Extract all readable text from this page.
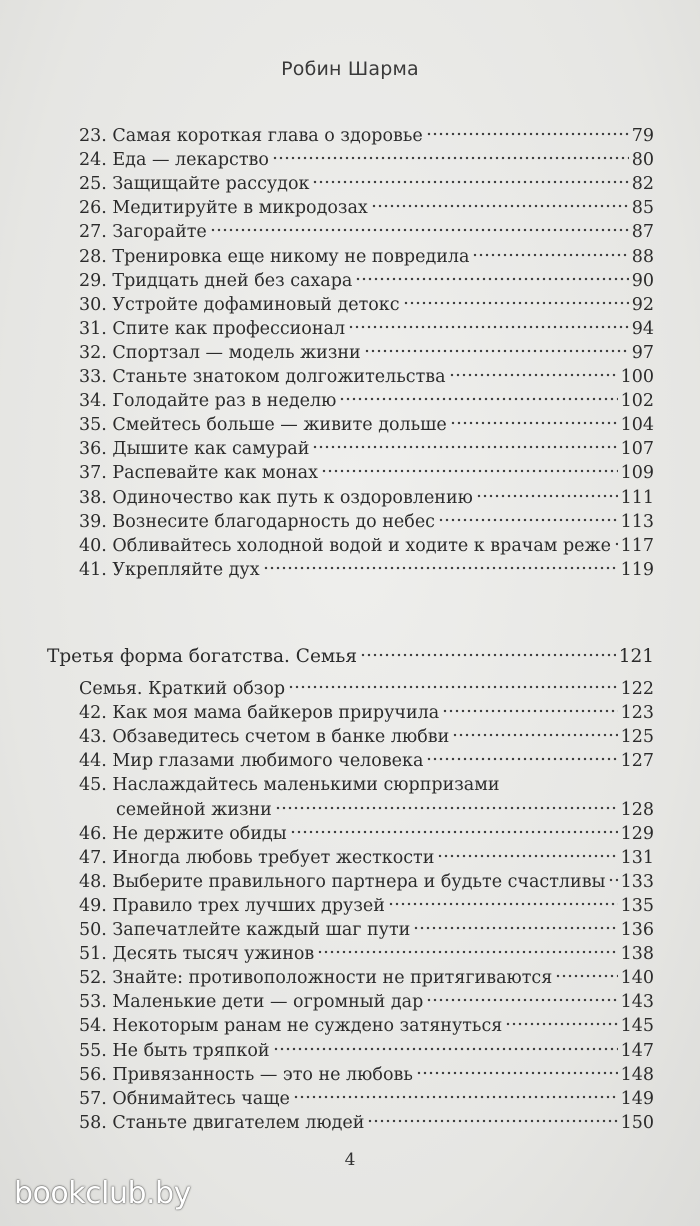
Робин Шарма
23. Самая короткая глава о здоровье	79
24. Еда — лекарство	80
25. Защищайте рассудок	82
26. Медитируйте в микродозах	85
27. Загорайте	87
28. Тренировка еще никому не повредила	88
29. Тридцать дней без сахара	90
30. Устройте дофаминовый детокс	92
31. Спите как профессионал	94
32. Спортзал — модель жизни	97
33. Станьте знатоком долгожительства	100
34. Голодайте раз в неделю	102
35. Смейтесь больше — живите дольше	104
36. Дышите как самурай	107
37. Распевайте как монах	109
38. Одиночество как путь к оздоровлению	111
39. Вознесите благодарность до небес	113
40. Обливайтесь холодной водой и ходите к врачам реже 117
41. Укрепляйте дух	119
Третья форма богатства. Семья	121
Семья. Краткий обзор	122
42. Как моя мама байкеров приручила	123
43. Обзаведитесь счетом в банке любви	125
44. Мир глазами любимого человека	127
45. Наслаждайтесь маленькими сюрпризами
семейной жизни	128
46. Не держите обиды	129
47. Иногда любовь требует жесткости	131
48. Выберите правильного партнера и будьте счастливы 133
49. Правило трех лучших друзей	135
50. Запечатлейте каждый шаг пути	136
51. Десять тысяч ужинов	138
52. Знайте: противоположности не притягиваются	140
53. Маленькие дети — огромный дар	143
54. Некоторым ранам не суждено затянуться	145
55. Не быть тряпкой	147
56. Привязанность — это не любовь	148
57. Обнимайтесь чаще	149
58. Станьте двигателем людей	150
4
bookclub.by
